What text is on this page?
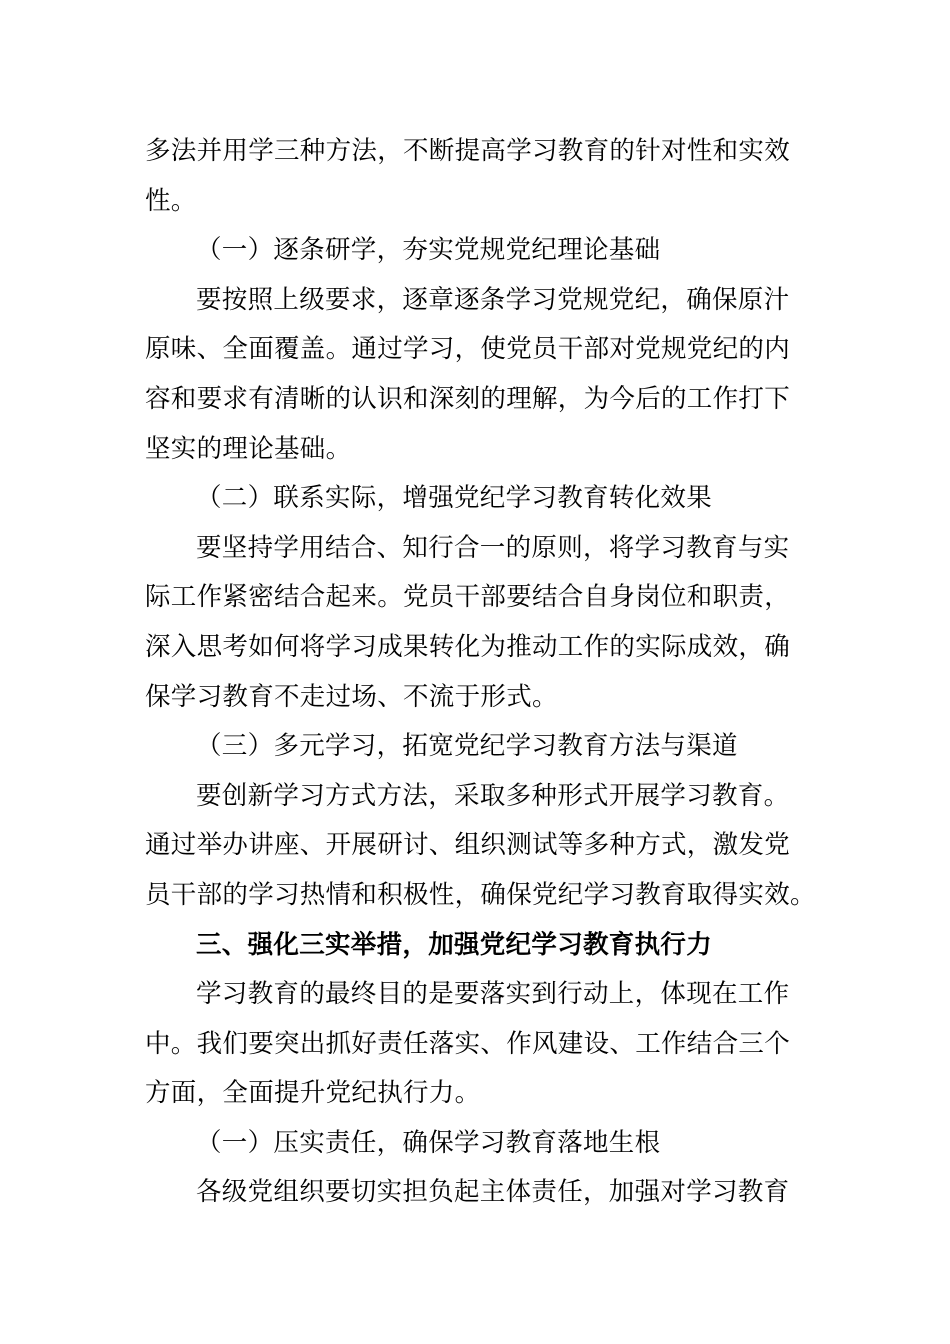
多法并用学三种方法，不断提高学习教育的针对性和实效
性。

（一）逐条研学，夯实党规党纪理论基础

要按照上级要求，逐章逐条学习党规党纪，确保原汁
原味、全面覆盖。通过学习，使党员干部对党规党纪的内
容和要求有清晰的认识和深刻的理解，为今后的工作打下
坚实的理论基础。

（二）联系实际，增强党纪学习教育转化效果

要坚持学用结合、知行合一的原则，将学习教育与实
际工作紧密结合起来。党员干部要结合自身岗位和职责，
深入思考如何将学习成果转化为推动工作的实际成效，确
保学习教育不走过场、不流于形式。

（三）多元学习，拓宽党纪学习教育方法与渠道

要创新学习方式方法，采取多种形式开展学习教育。
通过举办讲座、开展研讨、组织测试等多种方式，激发党
员干部的学习热情和积极性，确保党纪学习教育取得实效。

三、强化三实举措，加强党纪学习教育执行力

学习教育的最终目的是要落实到行动上，体现在工作
中。我们要突出抓好责任落实、作风建设、工作结合三个
方面，全面提升党纪执行力。

（一）压实责任，确保学习教育落地生根

各级党组织要切实担负起主体责任，加强对学习教育
